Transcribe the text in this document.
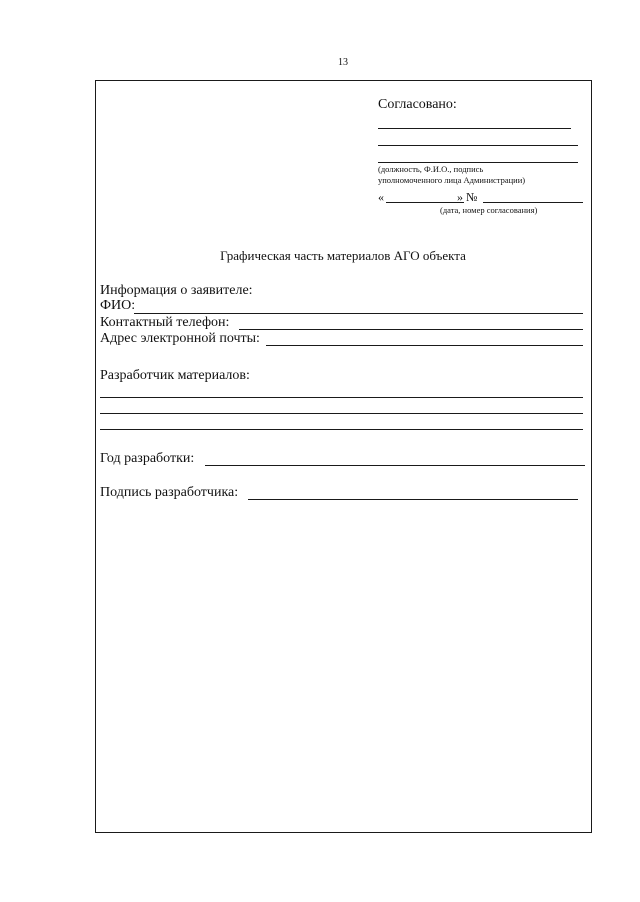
13
Согласовано:
(должность, Ф.И.О., подпись
уполномоченного лица Администрации)
«	» №
(дата, номер согласования)
Графическая часть материалов АГО объекта
Информация о заявителе:
ФИО:
Контактный телефон:
Адрес электронной почты:
Разработчик материалов:
Год разработки:
Подпись разработчика:
